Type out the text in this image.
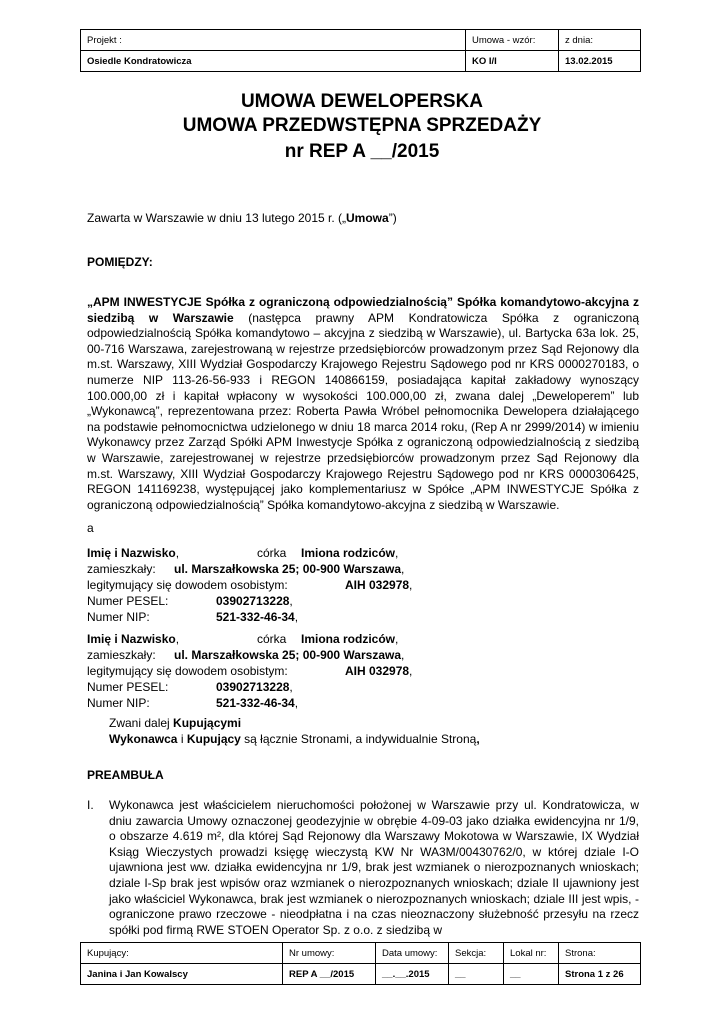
Projekt :	Umowa - wzór:	z dnia:
Osiedle Kondratowicza	KO I/I	13.02.2015
UMOWA DEWELOPERSKA
UMOWA PRZEDWSTĘPNA SPRZEDAŻY
nr REP A __/2015
Zawarta w Warszawie w dniu 13 lutego 2015 r. („Umowa”)
POMIĘDZY:
„APM INWESTYCJE Spółka z ograniczoną odpowiedzialnością” Spółka komandytowo-akcyjna z siedzibą w Warszawie (następca prawny APM Kondratowicza Spółka z ograniczoną odpowiedzialnością Spółka komandytowo – akcyjna z siedzibą w Warszawie), ul. Bartycka 63a lok. 25, 00-716 Warszawa, zarejestrowaną w rejestrze przedsiębiorców prowadzonym przez Sąd Rejonowy dla m.st. Warszawy, XIII Wydział Gospodarczy Krajowego Rejestru Sądowego pod nr KRS 0000270183, o numerze NIP 113-26-56-933 i REGON 140866159, posiadająca kapitał zakładowy wynoszący 100.000,00 zł i kapitał wpłacony w wysokości 100.000,00 zł, zwana dalej „Deweloperem” lub „Wykonawcą”, reprezentowana przez: Roberta Pawła Wróbel pełnomocnika Dewelopera działającego na podstawie pełnomocnictwa udzielonego w dniu 18 marca 2014 roku, (Rep A nr 2999/2014) w imieniu Wykonawcy przez Zarząd Spółki APM Inwestycje Spółka z ograniczoną odpowiedzialnością z siedzibą w Warszawie, zarejestrowanej w rejestrze przedsiębiorców prowadzonym przez Sąd Rejonowy dla m.st. Warszawy, XIII Wydział Gospodarczy Krajowego Rejestru Sądowego pod nr KRS 0000306425, REGON 141169238, występującej jako komplementariusz w Spółce „APM INWESTYCJE Spółka z ograniczoną odpowiedzialnością” Spółka komandytowo-akcyjna z siedzibą w Warszawie.
a
Imię i Nazwisko,	córka Imiona rodziców,
zamieszkały: ul. Marszałkowska 25; 00-900 Warszawa,
legitymujący się dowodem osobistym:	AIH 032978,
Numer PESEL:	03902713228,
Numer NIP:	521-332-46-34,
Imię i Nazwisko,	córka Imiona rodziców,
zamieszkały: ul. Marszałkowska 25; 00-900 Warszawa,
legitymujący się dowodem osobistym:	AIH 032978,
Numer PESEL:	03902713228,
Numer NIP:	521-332-46-34,
Zwani dalej Kupującymi
Wykonawca i Kupujący są łącznie Stronami, a indywidualnie Stroną,
PREAMBUŁA
I. Wykonawca jest właścicielem nieruchomości położonej w Warszawie przy ul. Kondratowicza, w dniu zawarcia Umowy oznaczonej geodezyjnie w obrębie 4-09-03 jako działka ewidencyjna nr 1/9, o obszarze 4.619 m², dla której Sąd Rejonowy dla Warszawy Mokotowa w Warszawie, IX Wydział Ksiąg Wieczystych prowadzi księgę wieczystą KW Nr WA3M/00430762/0, w której dziale I-O ujawniona jest ww. działka ewidencyjna nr 1/9, brak jest wzmianek o nierozpoznanych wnioskach; dziale I-Sp brak jest wpisów oraz wzmianek o nierozpoznanych wnioskach; dziale II ujawniony jest jako właściciel Wykonawca, brak jest wzmianek o nierozpoznanych wnioskach; dziale III jest wpis, - ograniczone prawo rzeczowe - nieodpłatna i na czas nieoznaczony służebność przesyłu na rzecz spółki pod firmą RWE STOEN Operator Sp. z o.o. z siedzibą w
Kupujący:	Nr umowy:	Data umowy:	Sekcja:	Lokal nr:	Strona:
Janina i Jan Kowalscy	REP A __/2015	__.__.2015	__	__	Strona 1 z 26
